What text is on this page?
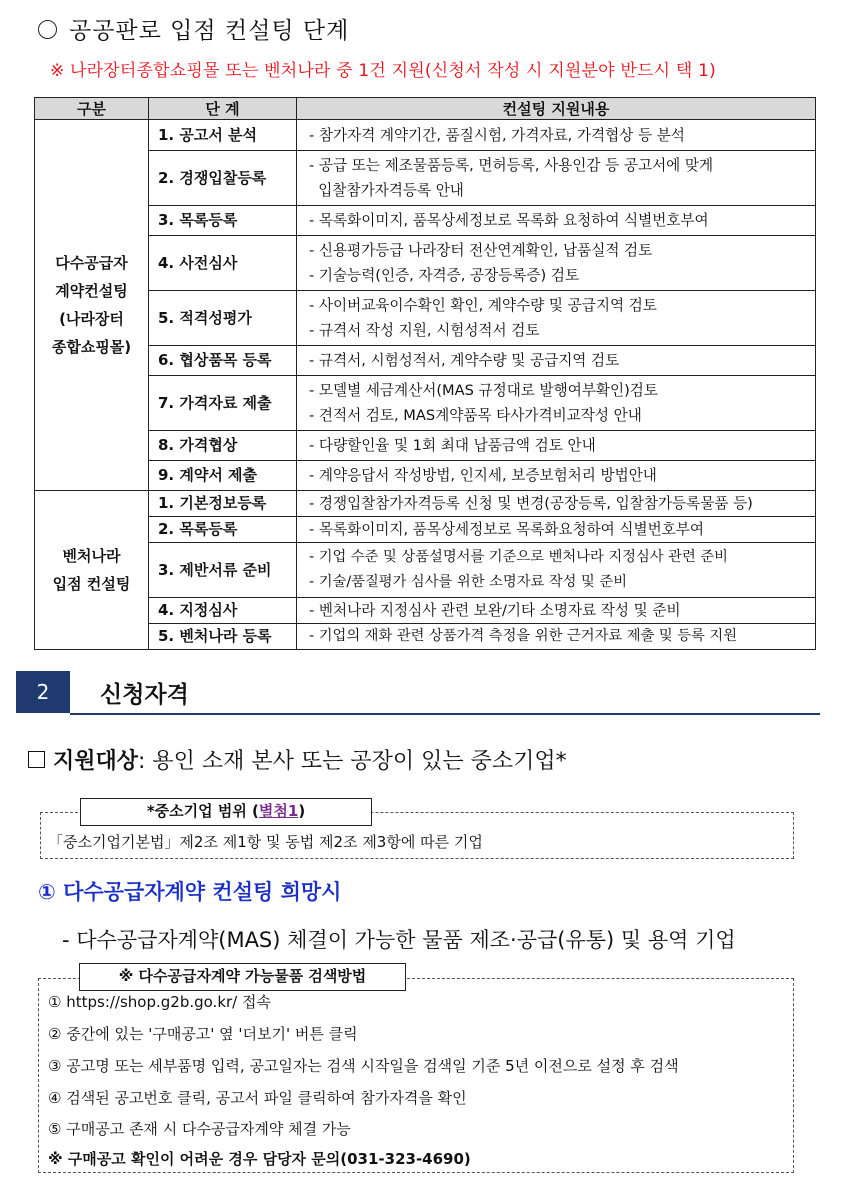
공공판로 입점 컨설팅 단계
※ 나라장터종합쇼핑몰 또는 벤처나라 중 1건 지원(신청서 작성 시 지원분야 반드시 택 1)
구분	단 계	컨설팅 지원내용
다수공급자
계약컨설팅
(나라장터
종합쇼핑몰)	1. 공고서 분석	- 참가자격 계약기간, 품질시험, 가격자료, 가격협상 등 분석

	2. 경쟁입찰등록	- 공급 또는 제조물품등록, 면허등록, 사용인감 등 공고서에 맞게
입찰참가자격등록 안내

	3. 목록등록	- 목록화이미지, 품목상세정보로 목록화 요청하여 식별번호부여

	4. 사전심사	- 신용평가등급 나라장터 전산연계확인, 납품실적 검토
- 기술능력(인증, 자격증, 공장등록증) 검토

	5. 적격성평가	- 사이버교육이수확인 확인, 계약수량 및 공급지역 검토
- 규격서 작성 지원, 시험성적서 검토

	6. 협상품목 등록	- 규격서, 시험성적서, 계약수량 및 공급지역 검토

	7. 가격자료 제출	- 모델별 세금계산서(MAS 규정대로 발행여부확인)검토
- 견적서 검토, MAS계약품목 타사가격비교작성 안내

	8. 가격협상	- 다량할인율 및 1회 최대 납품금액 검토 안내

	9. 계약서 제출	- 계약응답서 작성방법, 인지세, 보증보험처리 방법안내

벤처나라
입점 컨설팅	1. 기본정보등록	- 경쟁입찰참가자격등록 신청 및 변경(공장등록, 입찰참가등록물품 등)

	2. 목록등록	- 목록화이미지, 품목상세정보로 목록화요청하여 식별번호부여

	3. 제반서류 준비	- 기업 수준 및 상품설명서를 기준으로 벤처나라 지정심사 관련 준비
- 기술/품질평가 심사를 위한 소명자료 작성 및 준비

	4. 지정심사	- 벤처나라 지정심사 관련 보완/기타 소명자료 작성 및 준비

	5. 벤처나라 등록	- 기업의 재화 관련 상품가격 측정을 위한 근거자료 제출 및 등록 지원
2	신청자격
지원대상: 용인 소재 본사 또는 공장이 있는 중소기업*
*중소기업 범위 (별첨1)
「중소기업기본법」제2조 제1항 및 동법 제2조 제3항에 따른 기업
① 다수공급자계약 컨설팅 희망시
- 다수공급자계약(MAS) 체결이 가능한 물품 제조·공급(유통) 및 용역 기업
※ 다수공급자계약 가능물품 검색방법
① https://shop.g2b.go.kr/ 접속
② 중간에 있는 '구매공고' 옆 '더보기' 버튼 클릭
③ 공고명 또는 세부품명 입력, 공고일자는 검색 시작일을 검색일 기준 5년 이전으로 설정 후 검색
④ 검색된 공고번호 클릭, 공고서 파일 클릭하여 참가자격을 확인
⑤ 구매공고 존재 시 다수공급자계약 체결 가능
※ 구매공고 확인이 어려운 경우 담당자 문의(031-323-4690)
